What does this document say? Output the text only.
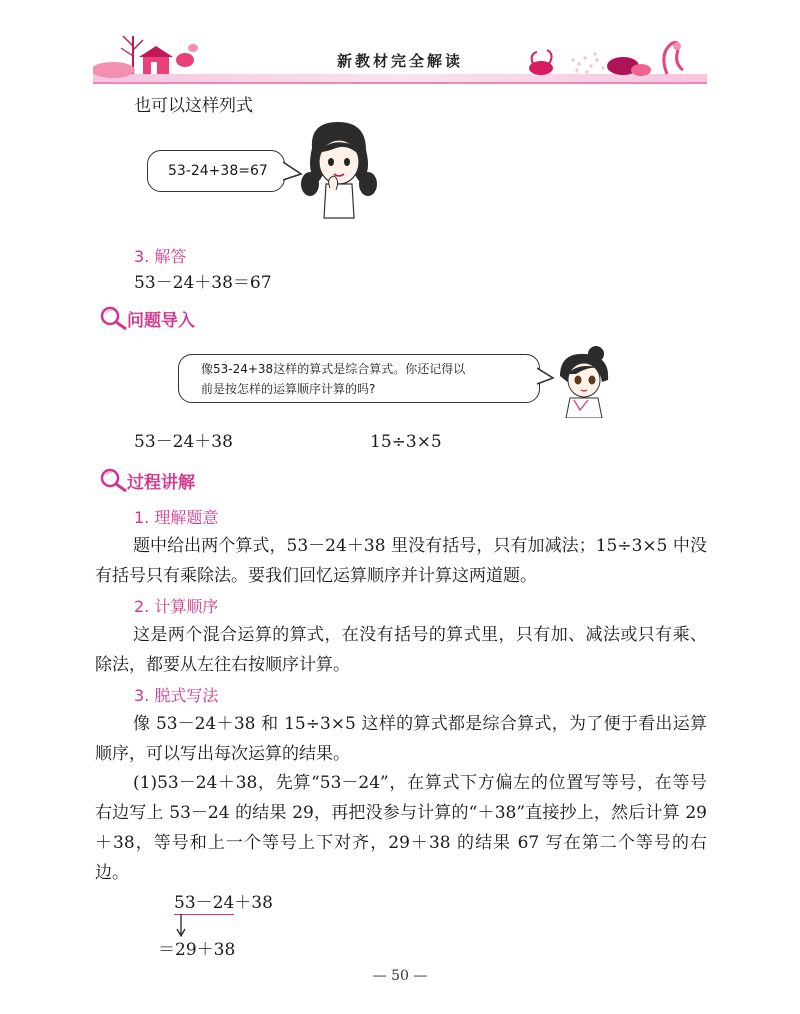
新教材完全解读
也可以这样列式
53-24+38=67
3. 解答
53－24＋38＝67
问题导入
像53-24+38这样的算式是综合算式。你还记得以
前是按怎样的运算顺序计算的吗?
53－24＋38	15÷3×5
过程讲解
1. 理解题意
题中给出两个算式，53－24＋38 里没有括号，只有加减法；15÷3×5 中没有括号只有乘除法。要我们回忆运算顺序并计算这两道题。
2. 计算顺序
这是两个混合运算的算式，在没有括号的算式里，只有加、减法或只有乘、除法，都要从左往右按顺序计算。
3. 脱式写法
像 53－24＋38 和 15÷3×5 这样的算式都是综合算式，为了便于看出运算顺序，可以写出每次运算的结果。
(1)53－24＋38，先算“53－24”，在算式下方偏左的位置写等号，在等号右边写上 53－24 的结果 29，再把没参与计算的“＋38”直接抄上，然后计算 29＋38，等号和上一个等号上下对齐，29＋38 的结果 67 写在第二个等号的右边。
53－24＋38
＝29＋38
— 50 —
